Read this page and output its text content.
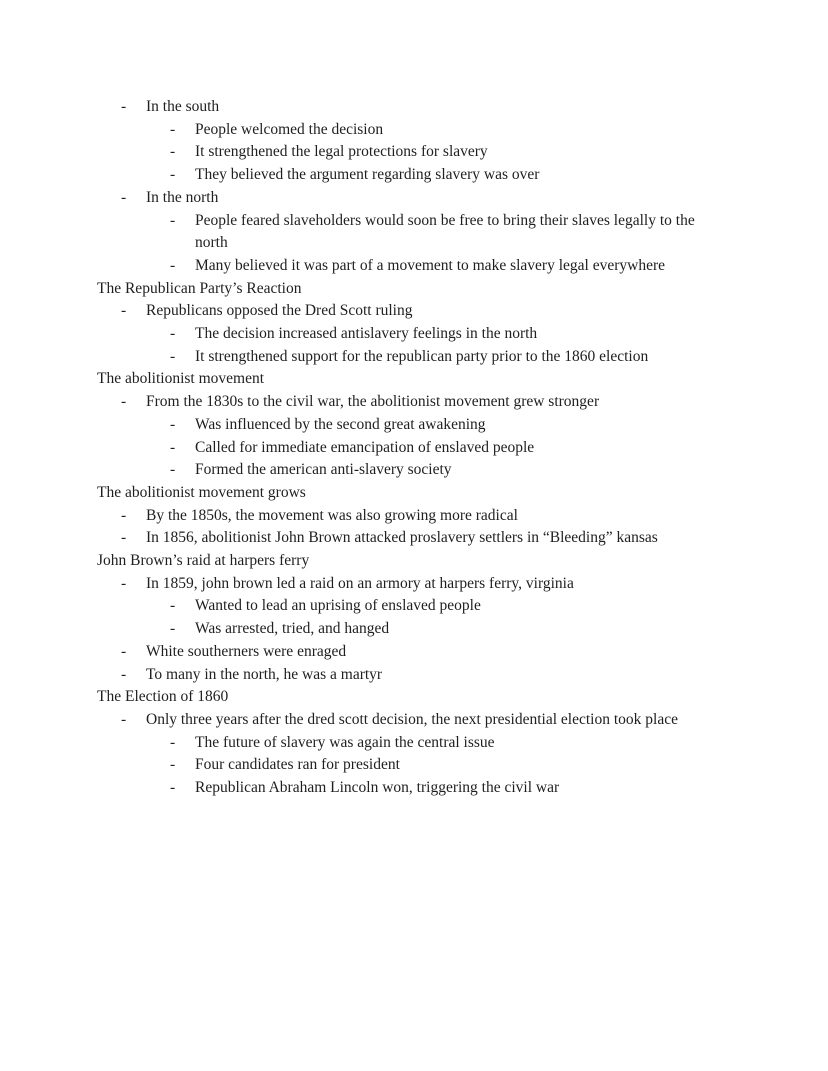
-	In the south
-	People welcomed the decision
-	It strengthened the legal protections for slavery
-	They believed the argument regarding slavery was over
-	In the north
-	People feared slaveholders would soon be free to bring their slaves legally to the north
-	Many believed it was part of a movement to make slavery legal everywhere
The Republican Party’s Reaction
-	Republicans opposed the Dred Scott ruling
-	The decision increased antislavery feelings in the north
-	It strengthened support for the republican party prior to the 1860 election
The abolitionist movement
-	From the 1830s to the civil war, the abolitionist movement grew stronger
-	Was influenced by the second great awakening
-	Called for immediate emancipation of enslaved people
-	Formed the american anti-slavery society
The abolitionist movement grows
-	By the 1850s, the movement was also growing more radical
-	In 1856, abolitionist John Brown attacked proslavery settlers in “Bleeding” kansas
John Brown’s raid at harpers ferry
-	In 1859, john brown led a raid on an armory at harpers ferry, virginia
-	Wanted to lead an uprising of enslaved people
-	Was arrested, tried, and hanged
-	White southerners were enraged
-	To many in the north, he was a martyr
The Election of 1860
-	Only three years after the dred scott decision, the next presidential election took place
-	The future of slavery was again the central issue
-	Four candidates ran for president
-	Republican Abraham Lincoln won, triggering the civil war
